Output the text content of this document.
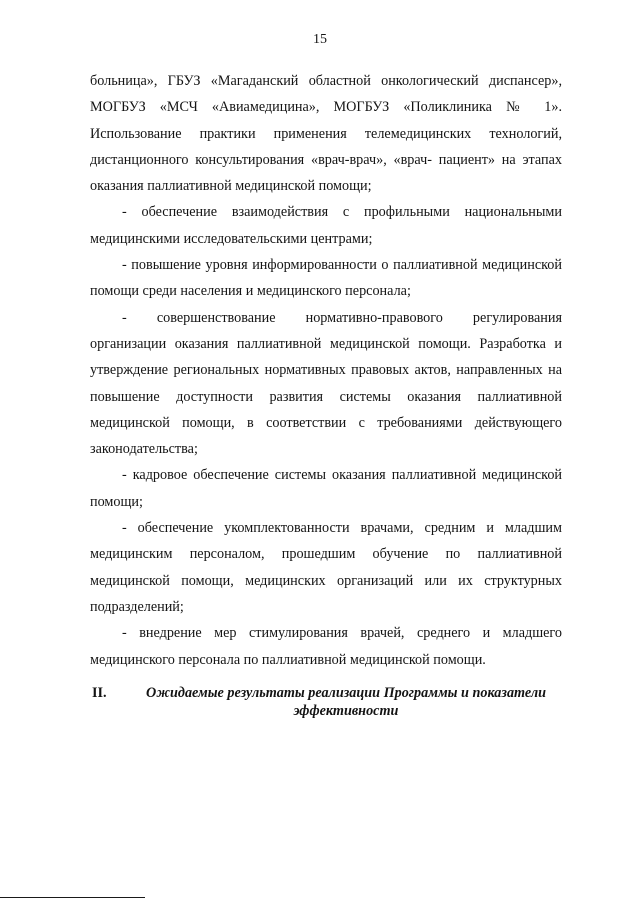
15

больница», ГБУЗ «Магаданский областной онкологический диспансер», МОГБУЗ «МСЧ «Авиамедицина», МОГБУЗ «Поликлиника № 1». Использование практики применения телемедицинских технологий, дистанционного консультирования «врач-врач», «врач- пациент» на этапах оказания паллиативной медицинской помощи;

- обеспечение взаимодействия с профильными национальными медицинскими исследовательскими центрами;

- повышение уровня информированности о паллиативной медицинской помощи среди населения и медицинского персонала;

- совершенствование нормативно-правового регулирования организации оказания паллиативной медицинской помощи. Разработка и утверждение региональных нормативных правовых актов, направленных на повышение доступности развития системы оказания паллиативной медицинской помощи, в соответствии с требованиями действующего законодательства;

- кадровое обеспечение системы оказания паллиативной медицинской помощи;

- обеспечение укомплектованности врачами, средним и младшим медицинским персоналом, прошедшим обучение по паллиативной медицинской помощи, медицинских организаций или их структурных подразделений;

- внедрение мер стимулирования врачей, среднего и младшего медицинского персонала по паллиативной медицинской помощи.

II.	Ожидаемые результаты реализации Программы и показатели эффективности
